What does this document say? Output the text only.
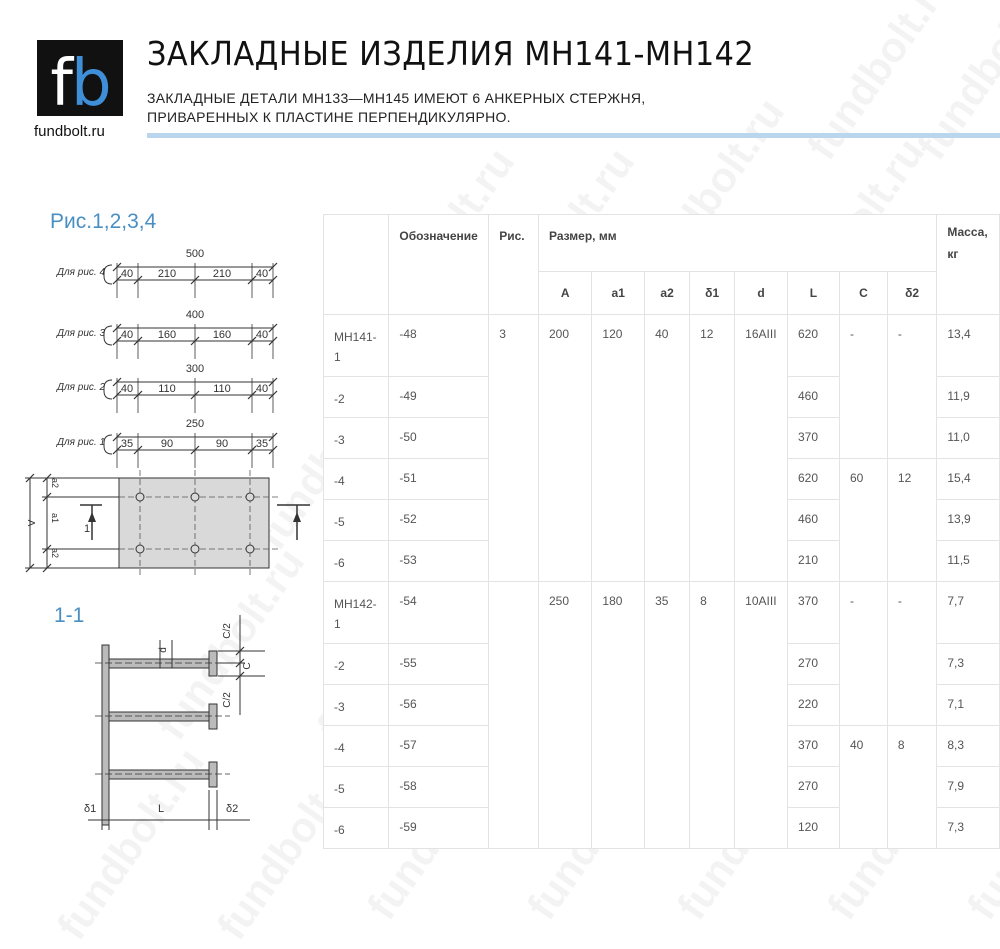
fb
fundbolt.ru
ЗАКЛАДНЫЕ ИЗДЕЛИЯ МН141-МН142
ЗАКЛАДНЫЕ ДЕТАЛИ МН133—МН145 ИМЕЮТ 6 АНКЕРНЫХ СТЕРЖНЯ,
ПРИВАРЕННЫХ К ПЛАСТИНЕ ПЕРПЕНДИКУЛЯРНО.
Рис.1,2,3,4
1-1
500
40 210	210 40
Для рис. 4
400
40 160	160 40
Для рис. 3
300
40 110	110 40
Для рис. 2
250
35	90	90	35
Для рис. 1
A
a2
a1
a2
1
C/2
C
C/2
d
δ1	L	δ2
	Обозначение	Рис.	Размер, мм								Масса, кг
			А	а1	а2	δ1	d	L	С	δ2	
МН141-1	-48	3	200	120	40	12	16АIII	620	-	-	13,4
-2	-49							460			11,9
-3	-50							370			11,0
-4	-51							620	60	12	15,4
-5	-52							460			13,9
-6	-53							210			11,5
МН142-1	-54		250	180	35	8	10АIII	370	-	-	7,7
-2	-55							270			7,3
-3	-56							220			7,1
-4	-57							370	40	8	8,3
-5	-58							270			7,9
-6	-59							120			7,3
